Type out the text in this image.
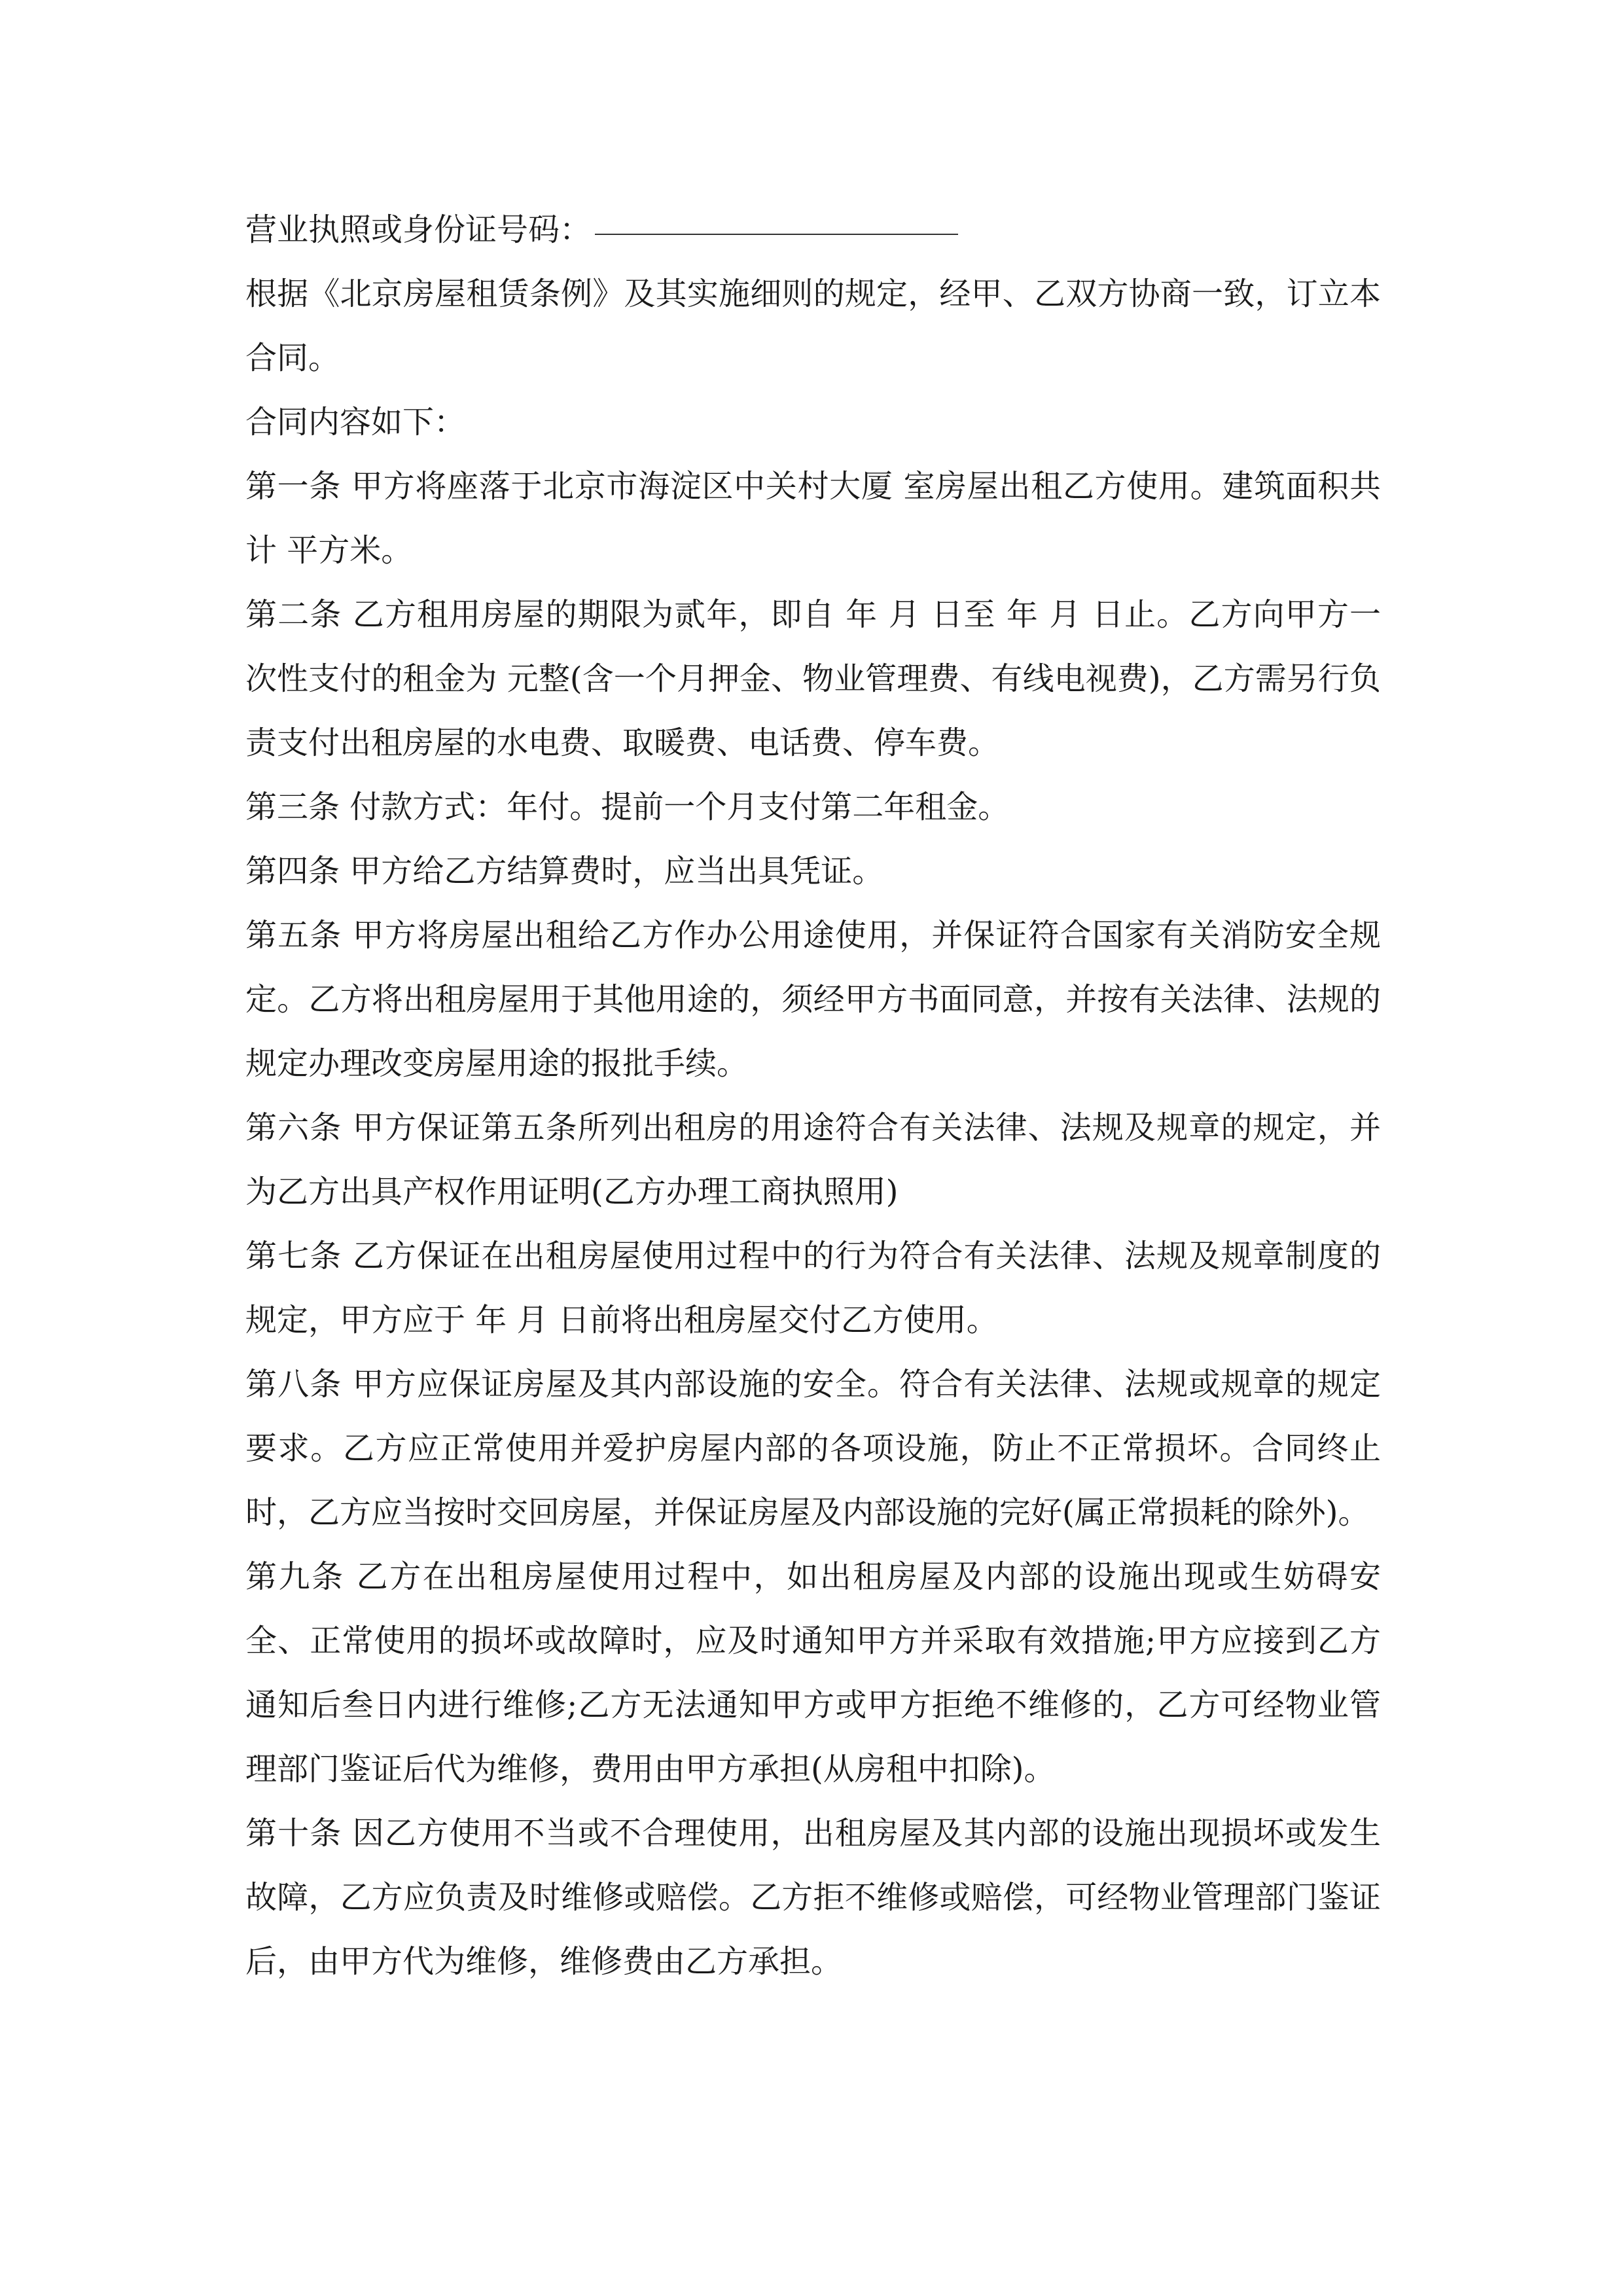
营业执照或身份证号码：

根据《北京房屋租赁条例》及其实施细则的规定，经甲、乙双方协商一致，订立本合同。

合同内容如下：

第一条 甲方将座落于北京市海淀区中关村大厦 室房屋出租乙方使用。建筑面积共计 平方米。

第二条 乙方租用房屋的期限为贰年，即自 年 月 日至 年 月 日止。乙方向甲方一次性支付的租金为 元整(含一个月押金、物业管理费、有线电视费)，乙方需另行负责支付出租房屋的水电费、取暖费、电话费、停车费。

第三条 付款方式：年付。提前一个月支付第二年租金。

第四条 甲方给乙方结算费时，应当出具凭证。

第五条 甲方将房屋出租给乙方作办公用途使用，并保证符合国家有关消防安全规定。乙方将出租房屋用于其他用途的，须经甲方书面同意，并按有关法律、法规的规定办理改变房屋用途的报批手续。

第六条 甲方保证第五条所列出租房的用途符合有关法律、法规及规章的规定，并为乙方出具产权作用证明(乙方办理工商执照用)

第七条 乙方保证在出租房屋使用过程中的行为符合有关法律、法规及规章制度的规定，甲方应于 年 月 日前将出租房屋交付乙方使用。

第八条 甲方应保证房屋及其内部设施的安全。符合有关法律、法规或规章的规定要求。乙方应正常使用并爱护房屋内部的各项设施，防止不正常损坏。合同终止时，乙方应当按时交回房屋，并保证房屋及内部设施的完好(属正常损耗的除外)。

第九条 乙方在出租房屋使用过程中，如出租房屋及内部的设施出现或生妨碍安全、正常使用的损坏或故障时，应及时通知甲方并采取有效措施;甲方应接到乙方通知后叁日内进行维修;乙方无法通知甲方或甲方拒绝不维修的，乙方可经物业管理部门鉴证后代为维修，费用由甲方承担(从房租中扣除)。

第十条 因乙方使用不当或不合理使用，出租房屋及其内部的设施出现损坏或发生故障，乙方应负责及时维修或赔偿。乙方拒不维修或赔偿，可经物业管理部门鉴证后，由甲方代为维修，维修费由乙方承担。
